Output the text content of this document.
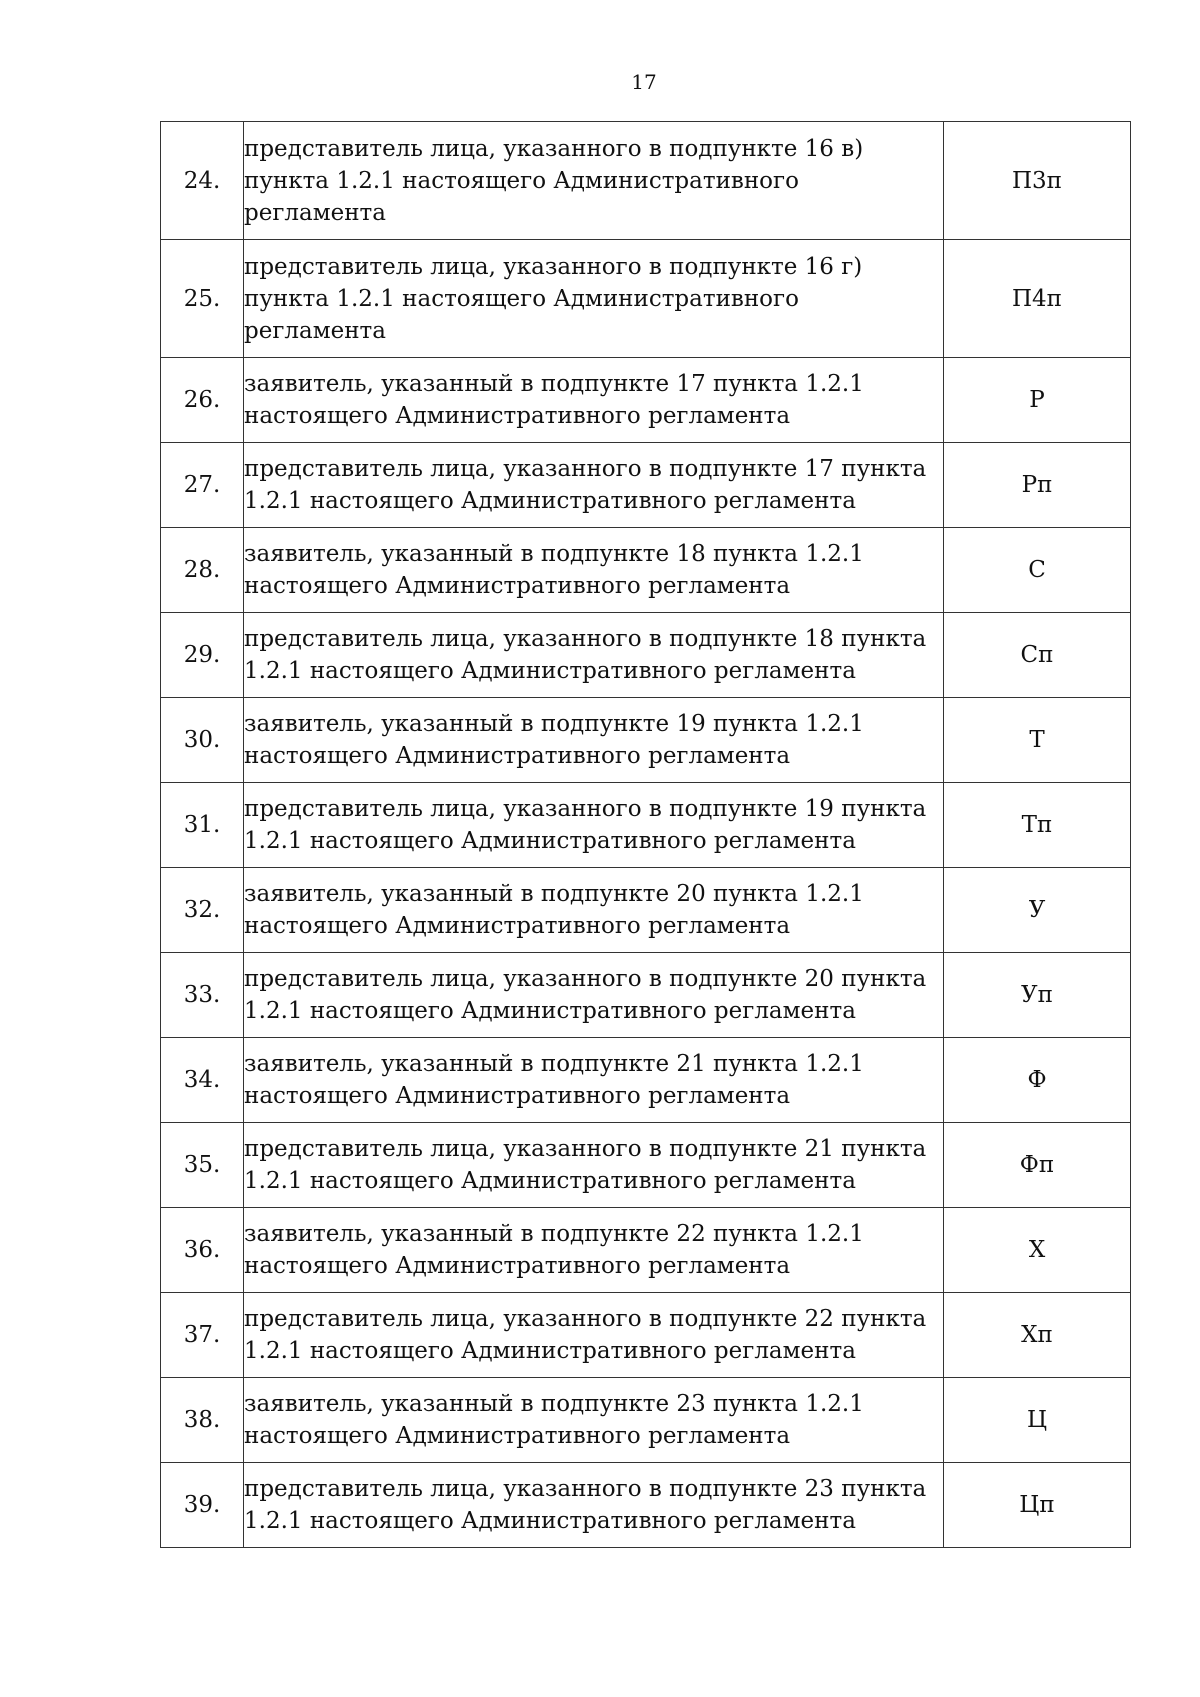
17
24.	представитель лица, указанного в подпункте 16 в) пункта 1.2.1 настоящего Административного регламента	П3п
25.	представитель лица, указанного в подпункте 16 г) пункта 1.2.1 настоящего Административного регламента	П4п
26.	заявитель, указанный в подпункте 17 пункта 1.2.1 настоящего Административного регламента	Р
27.	представитель лица, указанного в подпункте 17 пункта 1.2.1 настоящего Административного регламента	Рп
28.	заявитель, указанный в подпункте 18 пункта 1.2.1 настоящего Административного регламента	С
29.	представитель лица, указанного в подпункте 18 пункта 1.2.1 настоящего Административного регламента	Сп
30.	заявитель, указанный в подпункте 19 пункта 1.2.1 настоящего Административного регламента	Т
31.	представитель лица, указанного в подпункте 19 пункта 1.2.1 настоящего Административного регламента	Тп
32.	заявитель, указанный в подпункте 20 пункта 1.2.1 настоящего Административного регламента	У
33.	представитель лица, указанного в подпункте 20 пункта 1.2.1 настоящего Административного регламента	Уп
34.	заявитель, указанный в подпункте 21 пункта 1.2.1 настоящего Административного регламента	Ф
35.	представитель лица, указанного в подпункте 21 пункта 1.2.1 настоящего Административного регламента	Фп
36.	заявитель, указанный в подпункте 22 пункта 1.2.1 настоящего Административного регламента	Х
37.	представитель лица, указанного в подпункте 22 пункта 1.2.1 настоящего Административного регламента	Хп
38.	заявитель, указанный в подпункте 23 пункта 1.2.1 настоящего Административного регламента	Ц
39.	представитель лица, указанного в подпункте 23 пункта 1.2.1 настоящего Административного регламента	Цп
